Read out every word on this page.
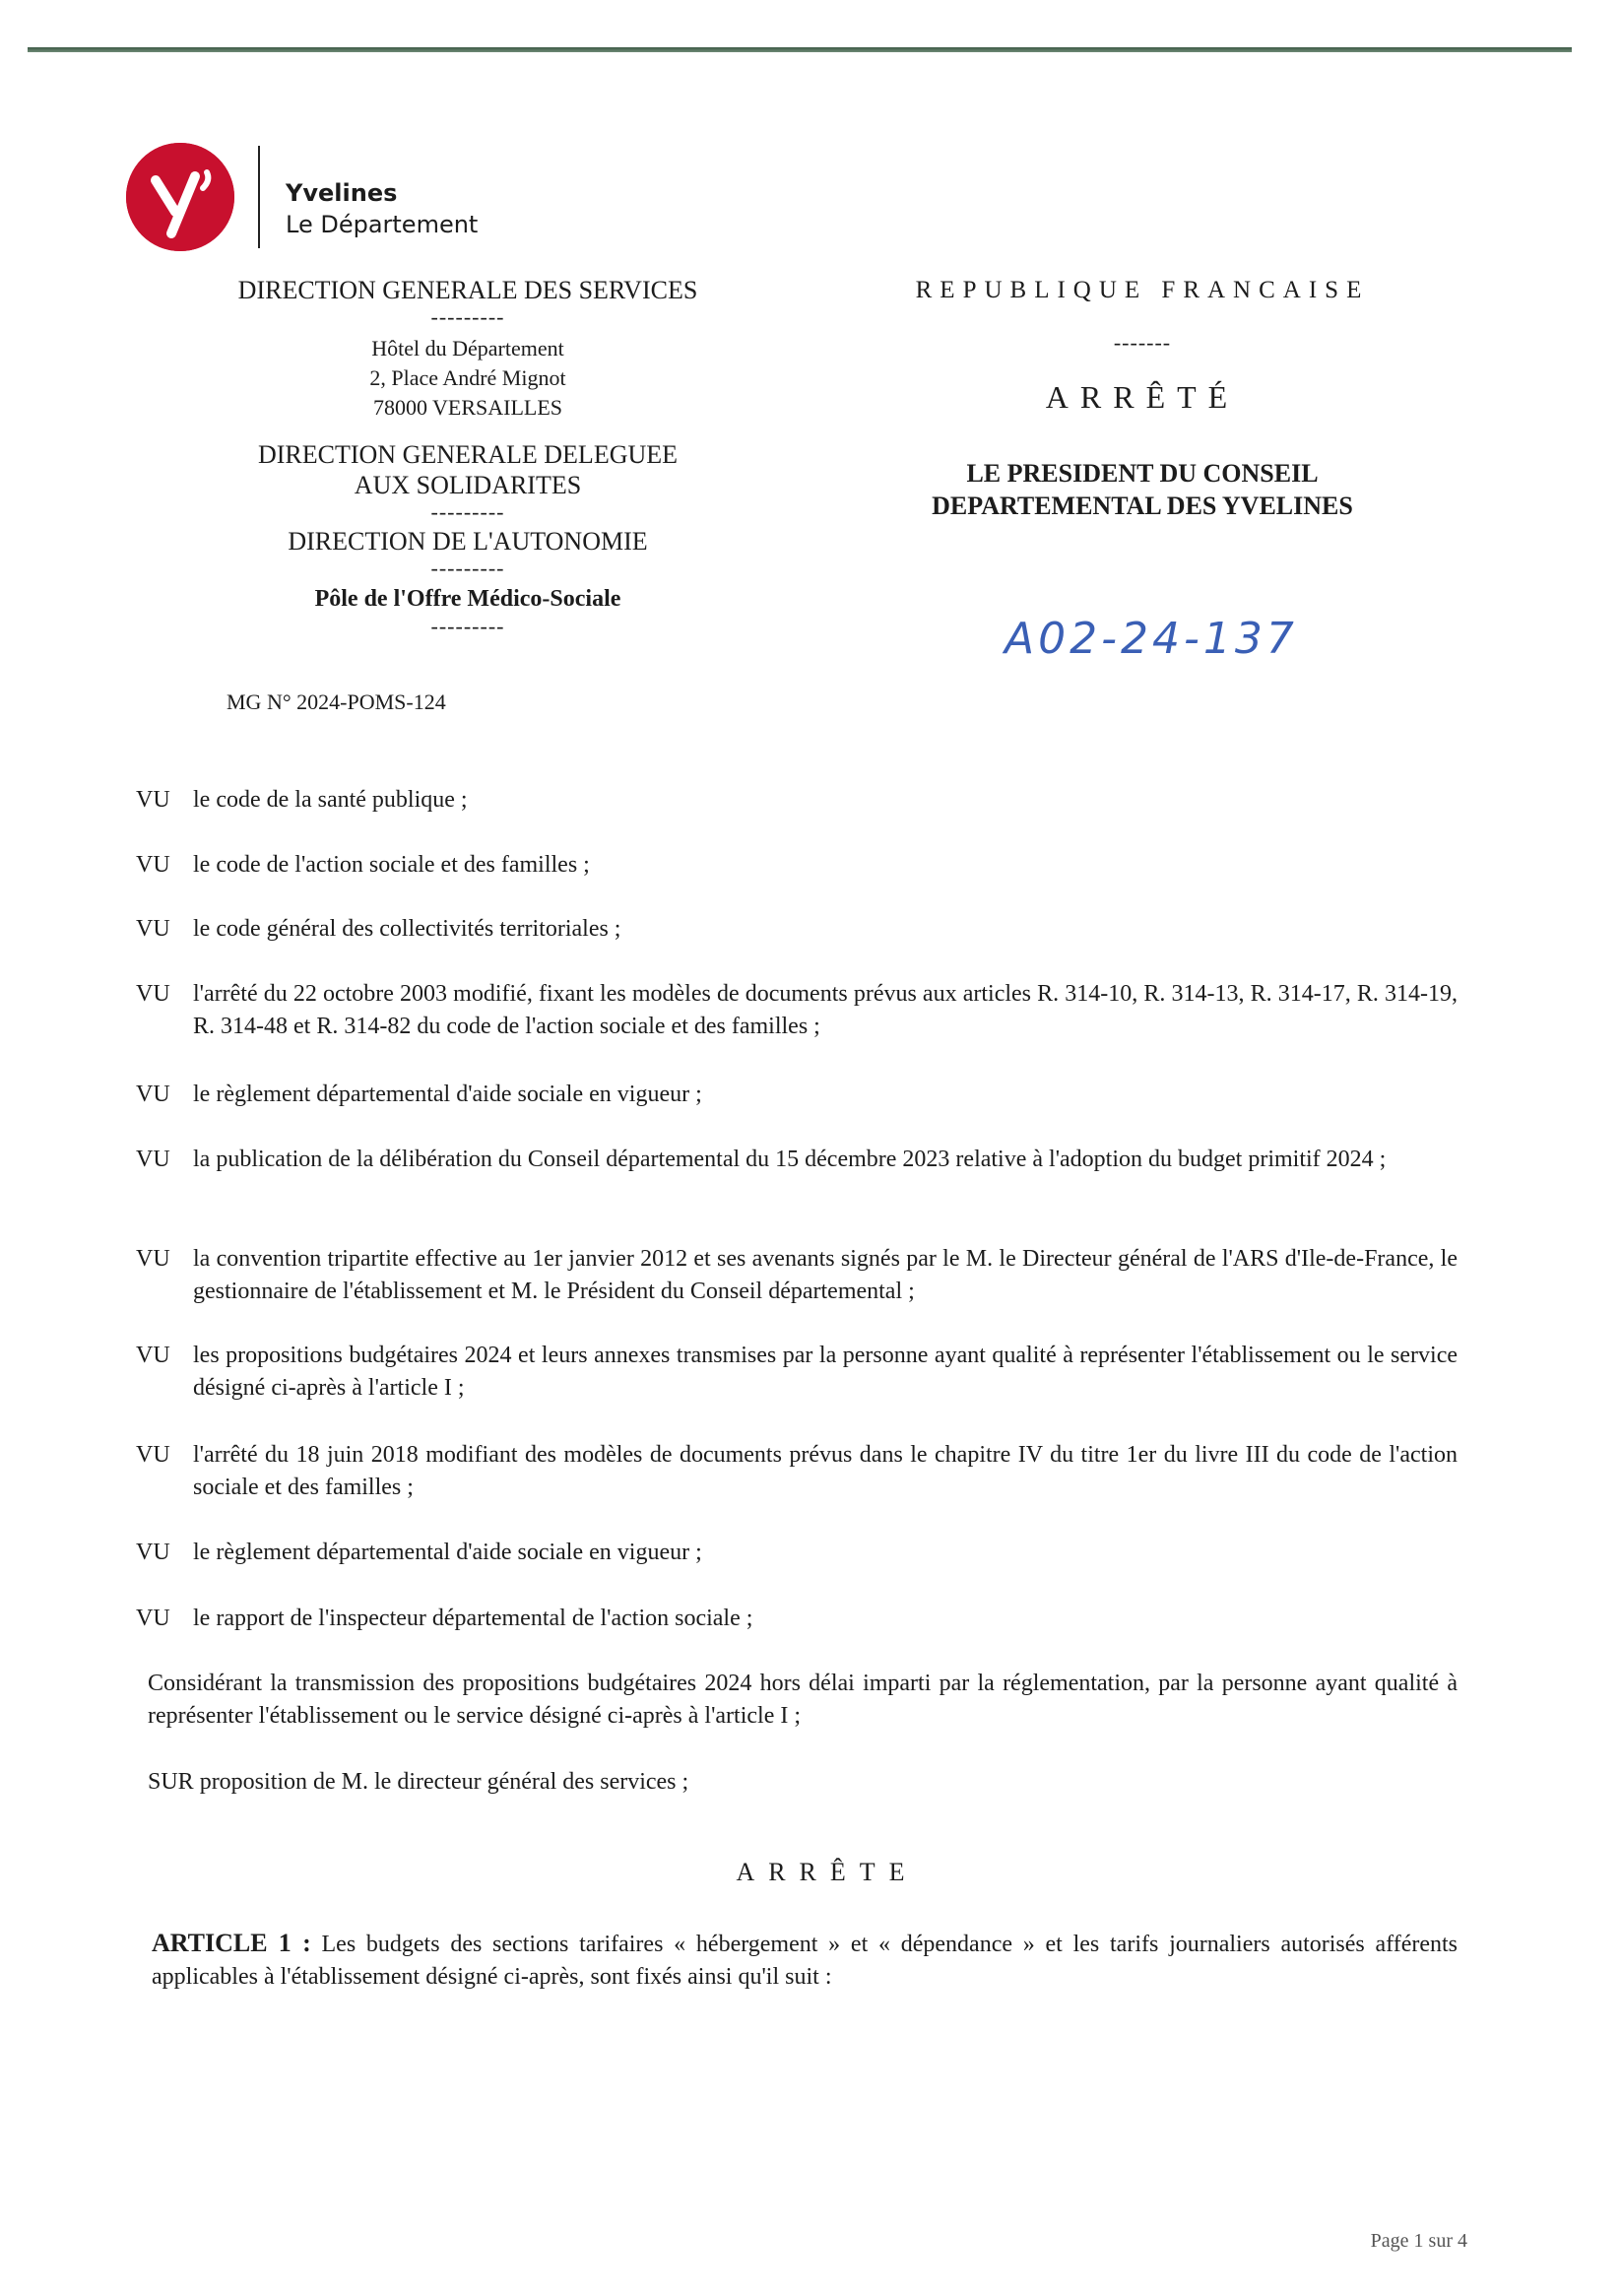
Yvelines
Le Département
DIRECTION GENERALE DES SERVICES
---------
Hôtel du Département
2, Place André Mignot
78000 VERSAILLES
DIRECTION GENERALE DELEGUEE
AUX SOLIDARITES
---------
DIRECTION DE L'AUTONOMIE
---------
Pôle de l'Offre Médico-Sociale
---------
MG N° 2024-POMS-124
REPUBLIQUE FRANCAISE
-------
ARRÊTÉ
LE PRESIDENT DU CONSEIL
DEPARTEMENTAL DES YVELINES
A02-24-137
VU le code de la santé publique ;
VU le code de l'action sociale et des familles ;
VU le code général des collectivités territoriales ;
VU l'arrêté du 22 octobre 2003 modifié, fixant les modèles de documents prévus aux articles R. 314-10, R. 314-13, R. 314-17, R. 314-19, R. 314-48 et R. 314-82 du code de l'action sociale et des familles ;
VU le règlement départemental d'aide sociale en vigueur ;
VU la publication de la délibération du Conseil départemental du 15 décembre 2023 relative à l'adoption du budget primitif 2024 ;
VU la convention tripartite effective au 1er janvier 2012 et ses avenants signés par le M. le Directeur général de l'ARS d'Ile-de-France, le gestionnaire de l'établissement et M. le Président du Conseil départemental ;
VU les propositions budgétaires 2024 et leurs annexes transmises par la personne ayant qualité à représenter l'établissement ou le service désigné ci-après à l'article I ;
VU l'arrêté du 18 juin 2018 modifiant des modèles de documents prévus dans le chapitre IV du titre 1er du livre III du code de l'action sociale et des familles ;
VU le règlement départemental d'aide sociale en vigueur ;
VU le rapport de l'inspecteur départemental de l'action sociale ;
Considérant la transmission des propositions budgétaires 2024 hors délai imparti par la réglementation, par la personne ayant qualité à représenter l'établissement ou le service désigné ci-après à l'article I ;
SUR proposition de M. le directeur général des services ;
ARRÊTE
ARTICLE 1 : Les budgets des sections tarifaires « hébergement » et « dépendance » et les tarifs journaliers autorisés afférents applicables à l'établissement désigné ci-après, sont fixés ainsi qu'il suit :
Page 1 sur 4
